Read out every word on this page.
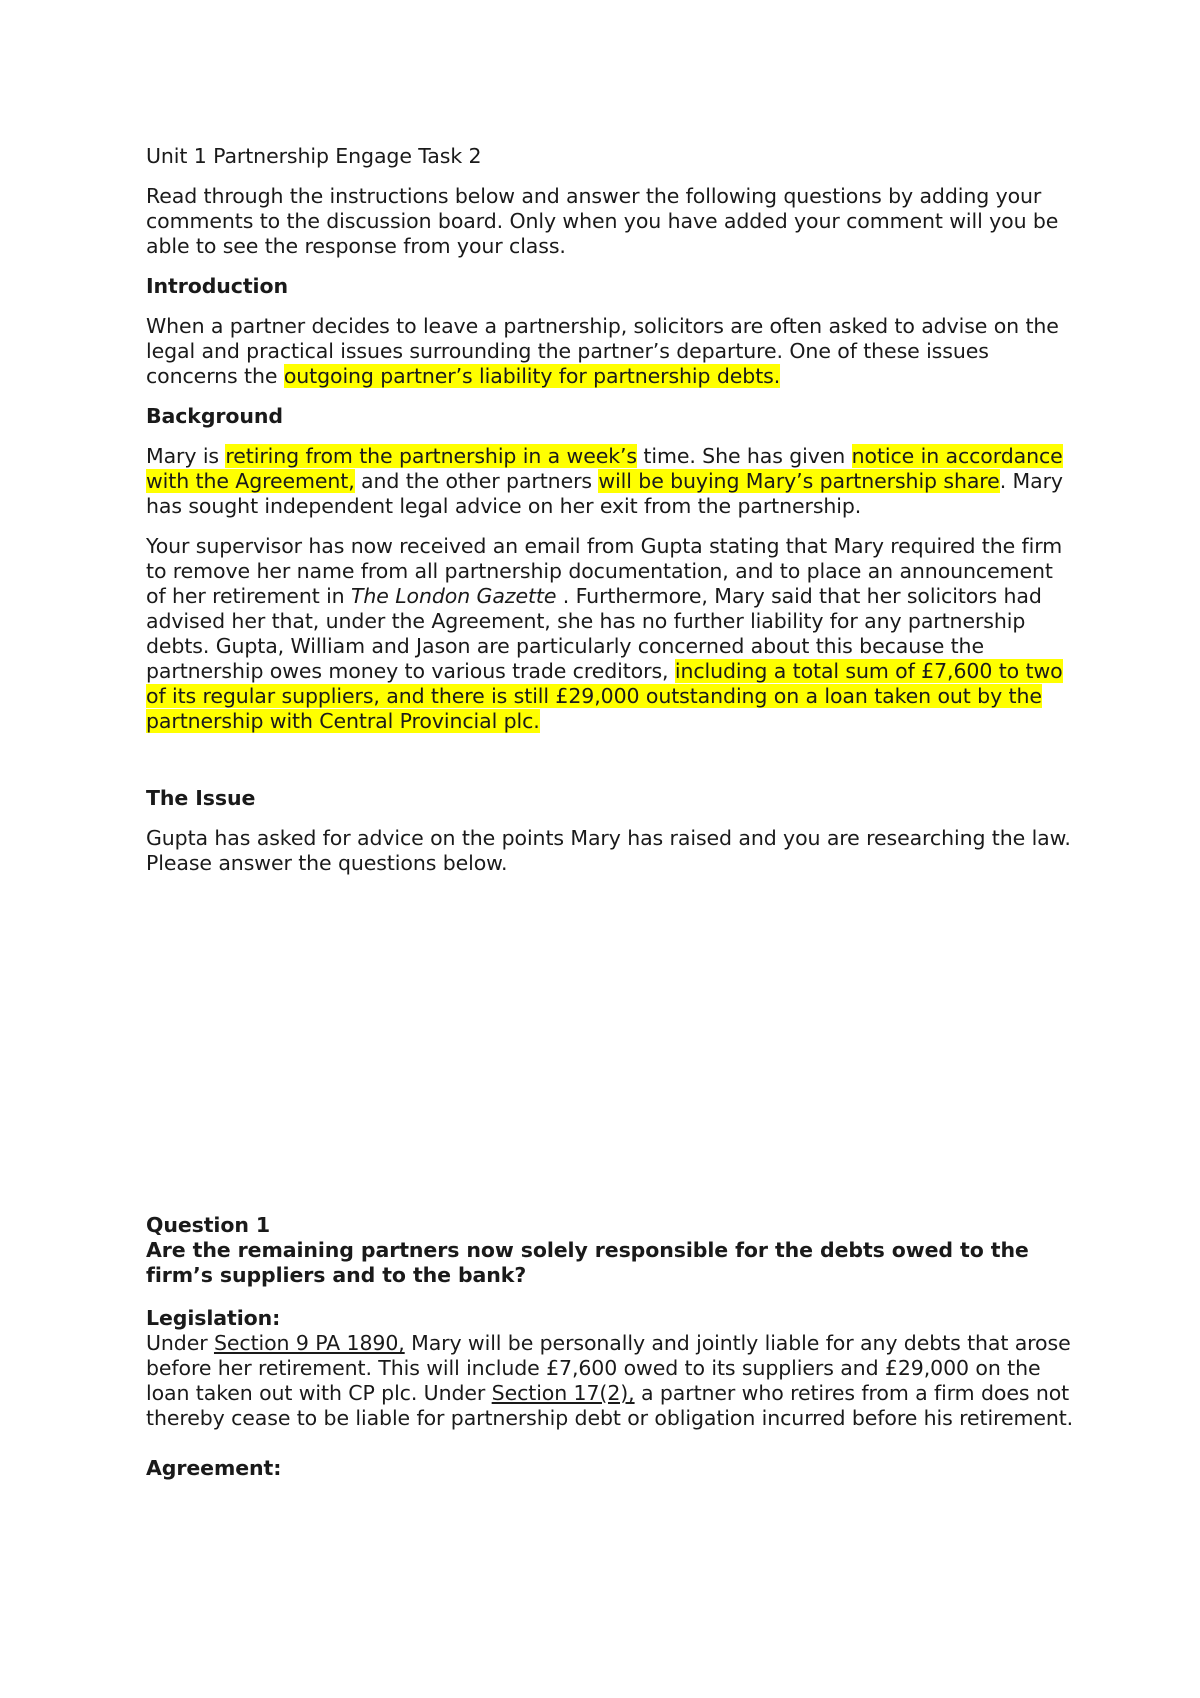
Unit 1 Partnership Engage Task 2

Read through the instructions below and answer the following questions by adding your comments to the discussion board. Only when you have added your comment will you be able to see the response from your class.

Introduction

When a partner decides to leave a partnership, solicitors are often asked to advise on the legal and practical issues surrounding the partner’s departure. One of these issues concerns the outgoing partner’s liability for partnership debts.

Background

Mary is retiring from the partnership in a week’s time. She has given notice in accordance with the Agreement, and the other partners will be buying Mary’s partnership share. Mary has sought independent legal advice on her exit from the partnership.

Your supervisor has now received an email from Gupta stating that Mary required the firm to remove her name from all partnership documentation, and to place an announcement of her retirement in The London Gazette . Furthermore, Mary said that her solicitors had advised her that, under the Agreement, she has no further liability for any partnership debts. Gupta, William and Jason are particularly concerned about this because the partnership owes money to various trade creditors, including a total sum of £7,600 to two of its regular suppliers, and there is still £29,000 outstanding on a loan taken out by the partnership with Central Provincial plc.

The Issue

Gupta has asked for advice on the points Mary has raised and you are researching the law. Please answer the questions below.

Question 1
Are the remaining partners now solely responsible for the debts owed to the firm’s suppliers and to the bank?

Legislation:

Under Section 9 PA 1890, Mary will be personally and jointly liable for any debts that arose before her retirement. This will include £7,600 owed to its suppliers and £29,000 on the loan taken out with CP plc. Under Section 17(2), a partner who retires from a firm does not thereby cease to be liable for partnership debt or obligation incurred before his retirement.

Agreement:
